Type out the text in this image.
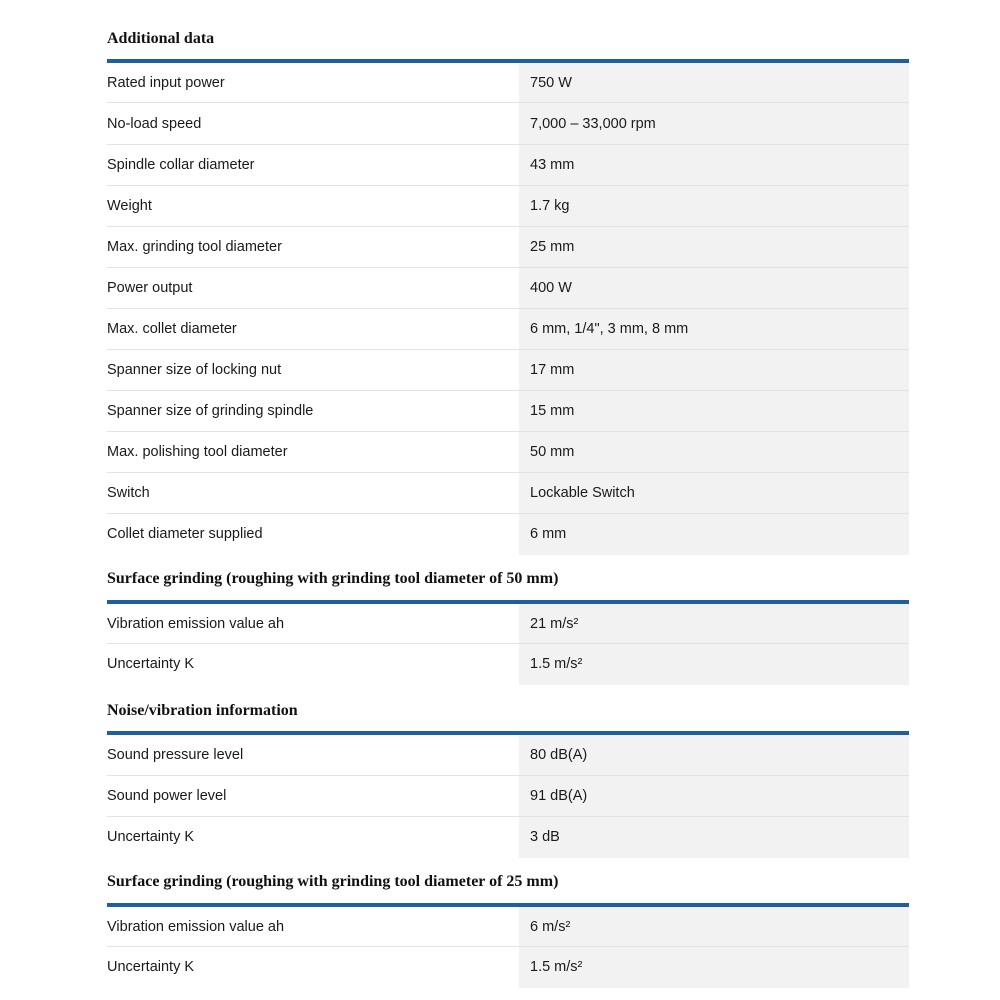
Additional data
Rated input power	750 W
No-load speed	7,000 – 33,000 rpm
Spindle collar diameter	43 mm
Weight	1.7 kg
Max. grinding tool diameter	25 mm
Power output	400 W
Max. collet diameter	6 mm, 1/4", 3 mm, 8 mm
Spanner size of locking nut	17 mm
Spanner size of grinding spindle	15 mm
Max. polishing tool diameter	50 mm
Switch	Lockable Switch
Collet diameter supplied	6 mm
Surface grinding (roughing with grinding tool diameter of 50 mm)
Vibration emission value ah	21 m/s²
Uncertainty K	1.5 m/s²
Noise/vibration information
Sound pressure level	80 dB(A)
Sound power level	91 dB(A)
Uncertainty K	3 dB
Surface grinding (roughing with grinding tool diameter of 25 mm)
Vibration emission value ah	6 m/s²
Uncertainty K	1.5 m/s²
